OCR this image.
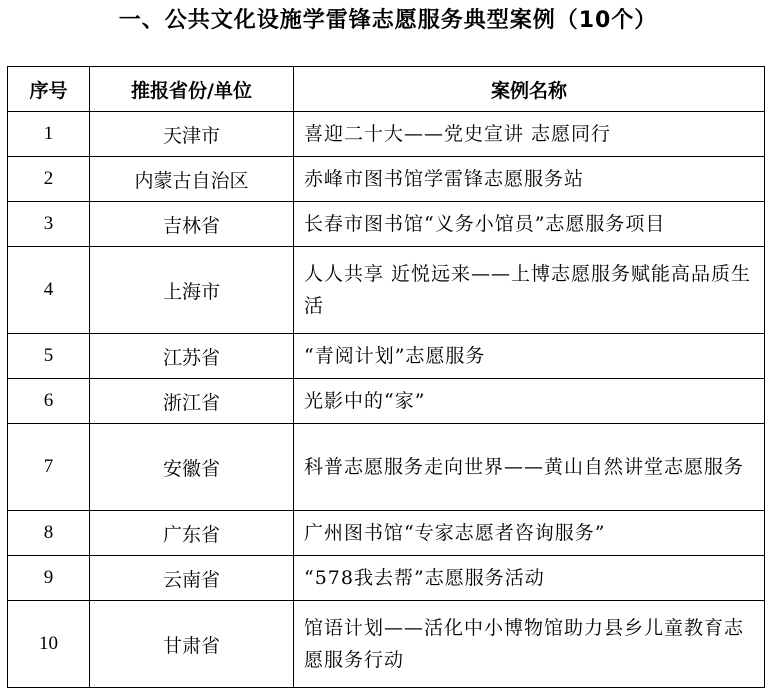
一、公共文化设施学雷锋志愿服务典型案例（10个）
序号	推报省份/单位	案例名称
1	天津市	喜迎二十大——党史宣讲 志愿同行
2	内蒙古自治区	赤峰市图书馆学雷锋志愿服务站
3	吉林省	长春市图书馆“义务小馆员”志愿服务项目
4	上海市	人人共享 近悦远来——上博志愿服务赋能高品质生活
5	江苏省	“青阅计划”志愿服务
6	浙江省	光影中的“家”
7	安徽省	科普志愿服务走向世界——黄山自然讲堂志愿服务
8	广东省	广州图书馆“专家志愿者咨询服务”
9	云南省	“578我去帮”志愿服务活动
10	甘肃省	馆语计划——活化中小博物馆助力县乡儿童教育志愿服务行动
